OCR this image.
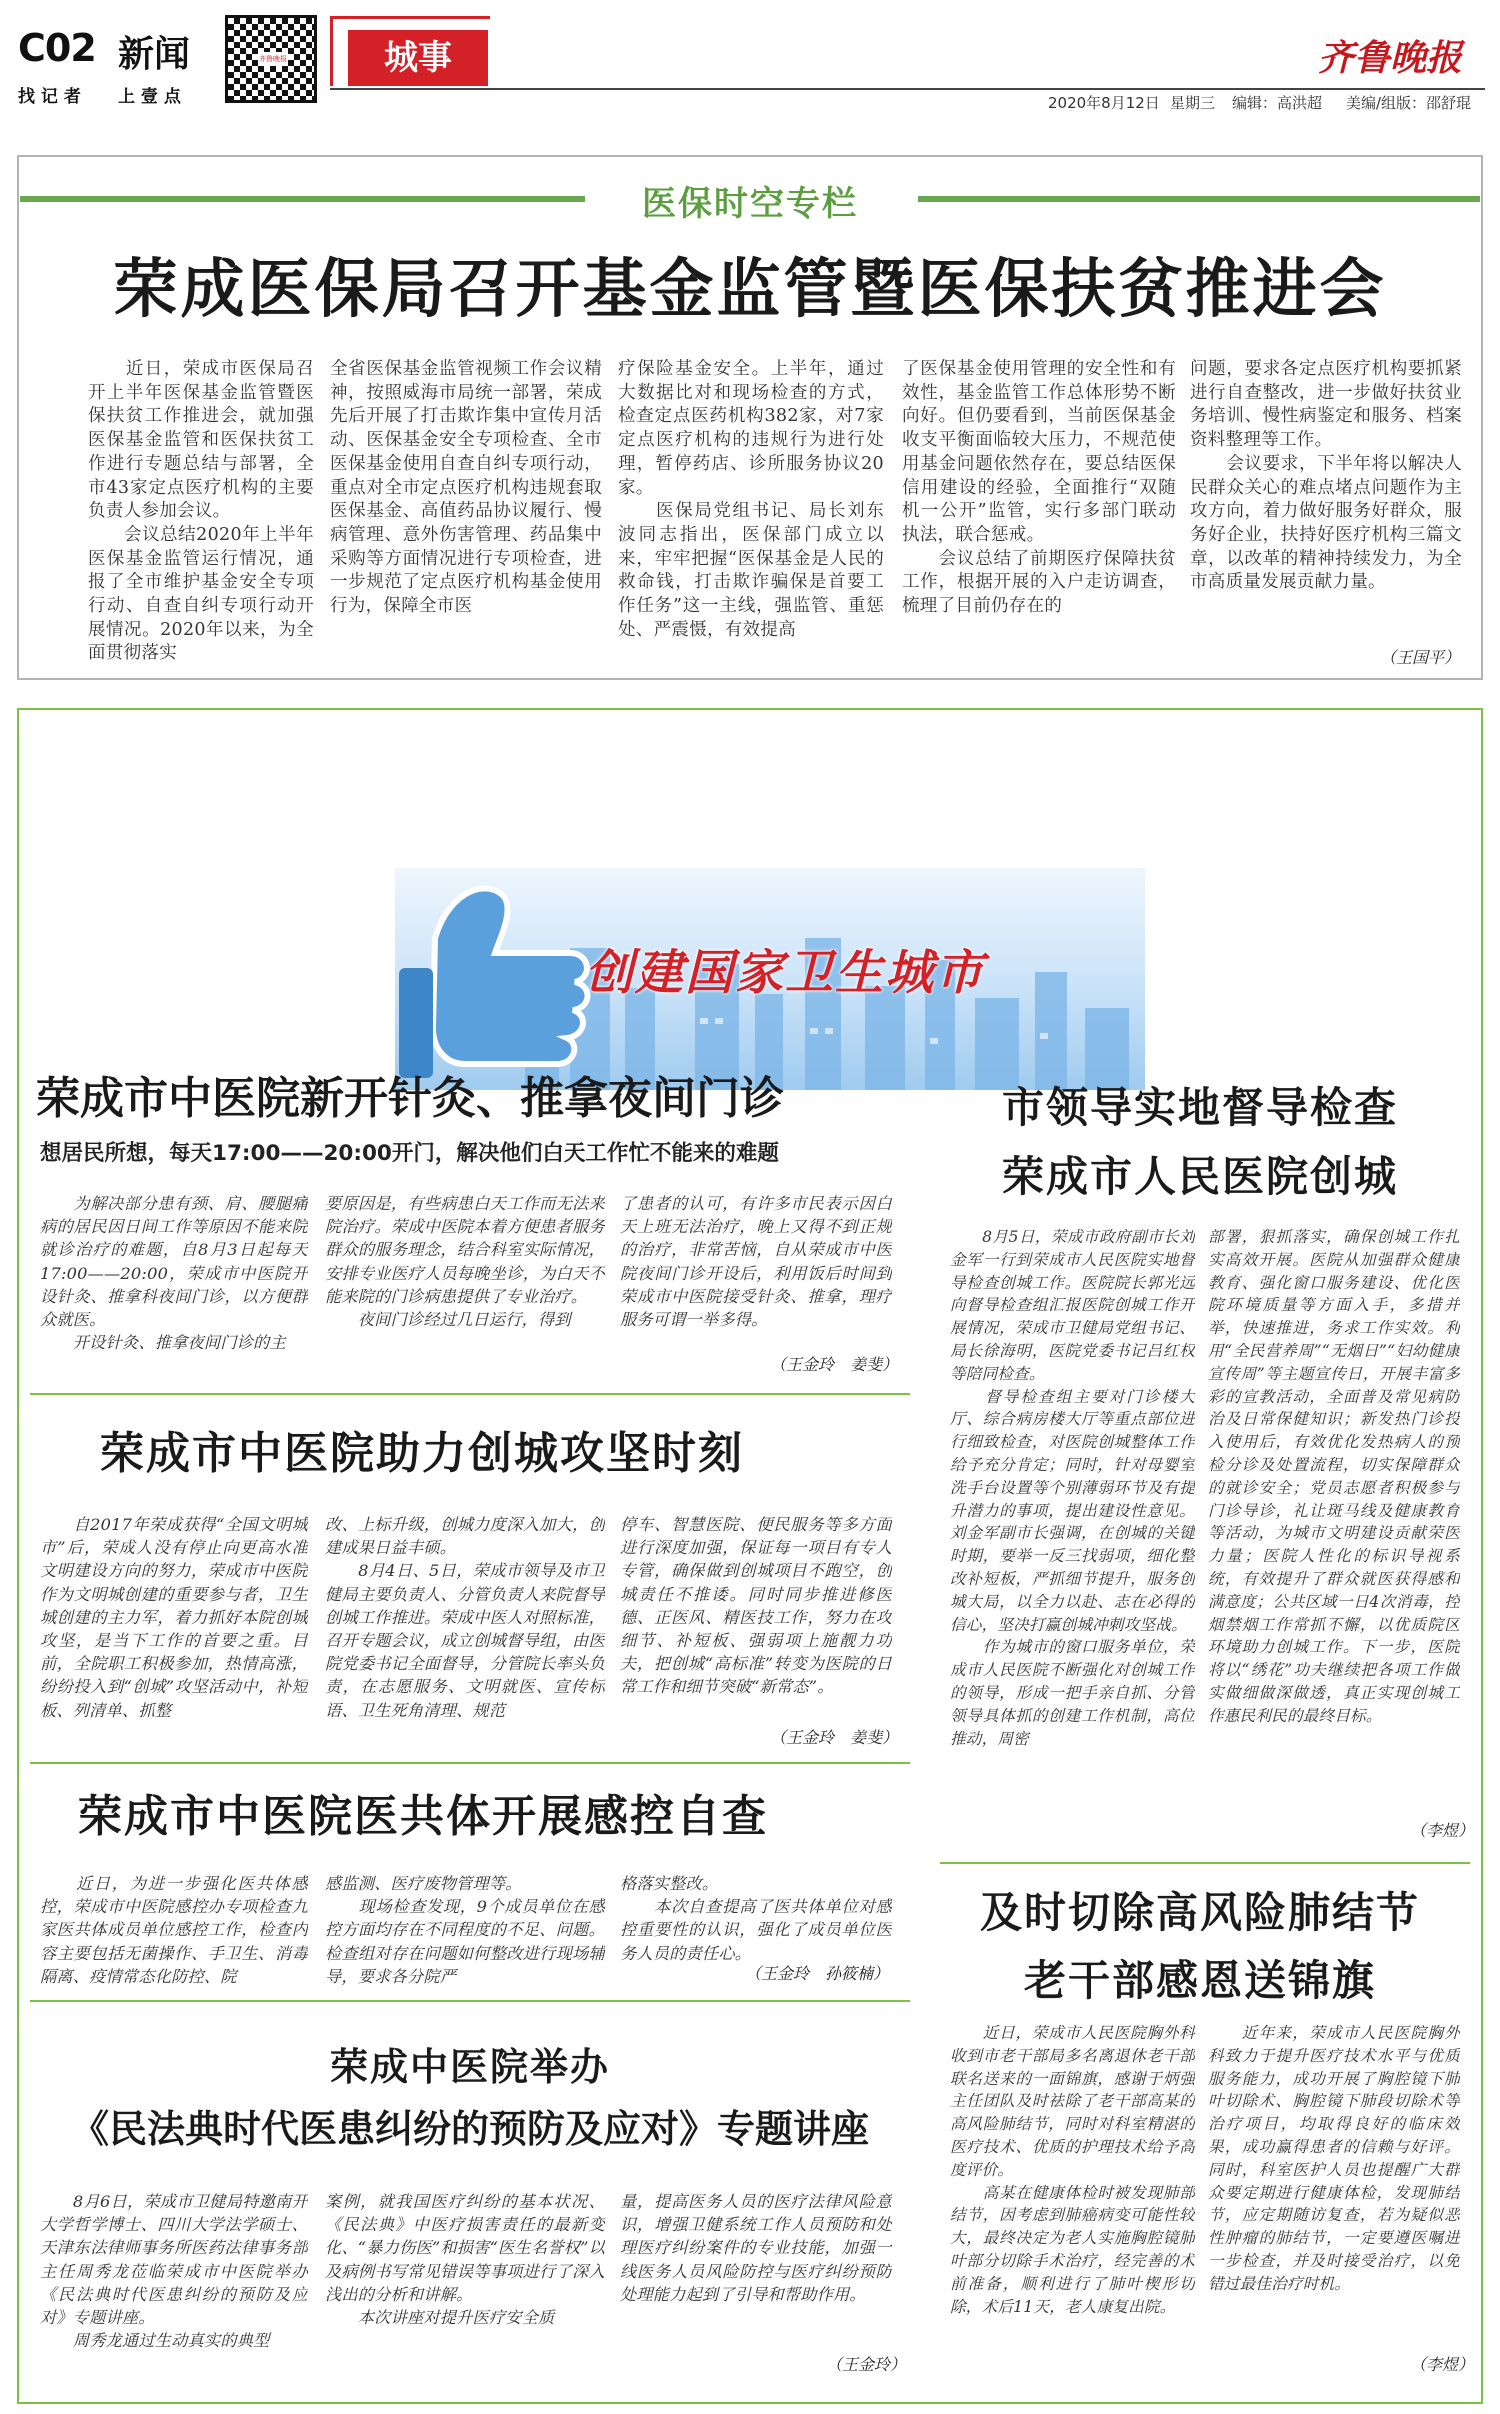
C02 新闻
找 记 者 上 壹 点
齐鲁晚报	城事	齐鲁晚报
2020年8月12日 星期三 编辑：高洪超 美编/组版：邵舒琨
医保时空专栏
荣成医保局召开基金监管暨医保扶贫推进会
　　近日，荣成市医保局召开上半年医保基金监管暨医保扶贫工作推进会，就加强医保基金监管和医保扶贫工作进行专题总结与部署，全市43家定点医疗机构的主要负责人参加会议。
　　会议总结2020年上半年医保基金监管运行情况，通报了全市维护基金安全专项行动、自查自纠专项行动开展情况。2020年以来，为全面贯彻落实
全省医保基金监管视频工作会议精神，按照威海市局统一部署，荣成先后开展了打击欺诈集中宣传月活动、医保基金安全专项检查、全市医保基金使用自查自纠专项行动，重点对全市定点医疗机构违规套取医保基金、高值药品协议履行、慢病管理、意外伤害管理、药品集中采购等方面情况进行专项检查，进一步规范了定点医疗机构基金使用行为，保障全市医
疗保险基金安全。上半年，通过大数据比对和现场检查的方式，检查定点医药机构382家，对7家定点医疗机构的违规行为进行处理，暂停药店、诊所服务协议20家。
　　医保局党组书记、局长刘东波同志指出，医保部门成立以来，牢牢把握“医保基金是人民的救命钱，打击欺诈骗保是首要工作任务”这一主线，强监管、重惩处、严震慑，有效提高
了医保基金使用管理的安全性和有效性，基金监管工作总体形势不断向好。但仍要看到，当前医保基金收支平衡面临较大压力，不规范使用基金问题依然存在，要总结医保信用建设的经验，全面推行“双随机一公开”监管，实行多部门联动执法，联合惩戒。
　　会议总结了前期医疗保障扶贫工作，根据开展的入户走访调查，梳理了目前仍存在的
问题，要求各定点医疗机构要抓紧进行自查整改，进一步做好扶贫业务培训、慢性病鉴定和服务、档案资料整理等工作。
　　会议要求，下半年将以解决人民群众关心的难点堵点问题作为主攻方向，着力做好服务好群众，服务好企业，扶持好医疗机构三篇文章，以改革的精神持续发力，为全市高质量发展贡献力量。
（王国平）
创建国家卫生城市
荣成市中医院新开针灸、推拿夜间门诊
想居民所想，每天17:00——20:00开门，解决他们白天工作忙不能来的难题
　　为解决部分患有颈、肩、腰腿痛病的居民因日间工作等原因不能来院就诊治疗的难题，自8月3日起每天17:00——20:00，荣成市中医院开设针灸、推拿科夜间门诊，以方便群众就医。
　　开设针灸、推拿夜间门诊的主
要原因是，有些病患白天工作而无法来院治疗。荣成中医院本着方便患者服务群众的服务理念，结合科室实际情况，安排专业医疗人员每晚坐诊，为白天不能来院的门诊病患提供了专业治疗。
　　夜间门诊经过几日运行，得到
了患者的认可，有许多市民表示因白天上班无法治疗，晚上又得不到正规的治疗，非常苦恼，自从荣成市中医院夜间门诊开设后，利用饭后时间到荣成市中医院接受针灸、推拿，理疗服务可谓一举多得。
（王金玲　姜斐）
荣成市中医院助力创城攻坚时刻
　　自2017年荣成获得“全国文明城市”后，荣成人没有停止向更高水准文明建设方向的努力，荣成市中医院作为文明城创建的重要参与者，卫生城创建的主力军，着力抓好本院创城攻坚，是当下工作的首要之重。目前，全院职工积极参加，热情高涨，纷纷投入到“创城”攻坚活动中，补短板、列清单、抓整
改、上标升级，创城力度深入加大，创建成果日益丰硕。
　　8月4日、5日，荣成市领导及市卫健局主要负责人、分管负责人来院督导创城工作推进。荣成中医人对照标准，召开专题会议，成立创城督导组，由医院党委书记全面督导，分管院长率头负责，在志愿服务、文明就医、宣传标语、卫生死角清理、规范
停车、智慧医院、便民服务等多方面进行深度加强，保证每一项目有专人专管，确保做到创城项目不跑空，创城责任不推诿。同时同步推进修医德、正医风、精医技工作，努力在攻细节、补短板、强弱项上施靓力功夫，把创城“高标准”转变为医院的日常工作和细节突破“新常态”。
（王金玲　姜斐）
荣成市中医院医共体开展感控自查
　　近日，为进一步强化医共体感控，荣成市中医院感控办专项检查九家医共体成员单位感控工作，检查内容主要包括无菌操作、手卫生、消毒隔离、疫情常态化防控、院
感监测、医疗废物管理等。
　　现场检查发现，9个成员单位在感控方面均存在不同程度的不足、问题。检查组对存在问题如何整改进行现场辅导，要求各分院严
格落实整改。
　　本次自查提高了医共体单位对感控重要性的认识，强化了成员单位医务人员的责任心。
（王金玲　孙筱楠）
荣成中医院举办
《民法典时代医患纠纷的预防及应对》专题讲座
　　8月6日，荣成市卫健局特邀南开大学哲学博士、四川大学法学硕士、天津东法律师事务所医药法律事务部主任周秀龙莅临荣成市中医院举办《民法典时代医患纠纷的预防及应对》专题讲座。
　　周秀龙通过生动真实的典型
案例，就我国医疗纠纷的基本状况、《民法典》中医疗损害责任的最新变化、“暴力伤医”和损害“医生名誉权”以及病例书写常见错误等事项进行了深入浅出的分析和讲解。
　　本次讲座对提升医疗安全质
量，提高医务人员的医疗法律风险意识，增强卫健系统工作人员预防和处理医疗纠纷案件的专业技能，加强一线医务人员风险防控与医疗纠纷预防处理能力起到了引导和帮助作用。
（王金玲）
市领导实地督导检查
荣成市人民医院创城
　　8月5日，荣成市政府副市长刘金军一行到荣成市人民医院实地督导检查创城工作。医院院长郭光远向督导检查组汇报医院创城工作开展情况，荣成市卫健局党组书记、局长徐海明，医院党委书记吕红权等陪同检查。
　　督导检查组主要对门诊楼大厅、综合病房楼大厅等重点部位进行细致检查，对医院创城整体工作给予充分肯定；同时，针对母婴室洗手台设置等个别薄弱环节及有提升潜力的事项，提出建设性意见。刘金军副市长强调，在创城的关键时期，要举一反三找弱项，细化整改补短板，严抓细节提升，服务创城大局，以全力以赴、志在必得的信心，坚决打赢创城冲刺攻坚战。
　　作为城市的窗口服务单位，荣成市人民医院不断强化对创城工作的领导，形成一把手亲自抓、分管领导具体抓的创建工作机制，高位推动，周密
部署，狠抓落实，确保创城工作扎实高效开展。医院从加强群众健康教育、强化窗口服务建设、优化医院环境质量等方面入手，多措并举，快速推进，务求工作实效。利用“全民营养周”“无烟日”“妇幼健康宣传周”等主题宣传日，开展丰富多彩的宣教活动，全面普及常见病防治及日常保健知识；新发热门诊投入使用后，有效优化发热病人的预检分诊及处置流程，切实保障群众的就诊安全；党员志愿者积极参与门诊导诊，礼让斑马线及健康教育等活动，为城市文明建设贡献荣医力量；医院人性化的标识导视系统，有效提升了群众就医获得感和满意度；公共区域一日4次消毒，控烟禁烟工作常抓不懈，以优质院区环境助力创城工作。下一步，医院将以“绣花”功夫继续把各项工作做实做细做深做透，真正实现创城工作惠民利民的最终目标。
（李煜）
及时切除高风险肺结节
老干部感恩送锦旗
　　近日，荣成市人民医院胸外科收到市老干部局多名离退休老干部联名送来的一面锦旗，感谢于炳强主任团队及时祛除了老干部高某的高风险肺结节，同时对科室精湛的医疗技术、优质的护理技术给予高度评价。
　　高某在健康体检时被发现肺部结节，因考虑到肺癌病变可能性较大，最终决定为老人实施胸腔镜肺叶部分切除手术治疗，经完善的术前准备，顺利进行了肺叶楔形切除，术后11天，老人康复出院。
　　近年来，荣成市人民医院胸外科致力于提升医疗技术水平与优质服务能力，成功开展了胸腔镜下肺叶切除术、胸腔镜下肺段切除术等治疗项目，均取得良好的临床效果，成功赢得患者的信赖与好评。同时，科室医护人员也提醒广大群众要定期进行健康体检，发现肺结节，应定期随访复查，若为疑似恶性肿瘤的肺结节，一定要遵医嘱进一步检查，并及时接受治疗，以免错过最佳治疗时机。
（李煜）
